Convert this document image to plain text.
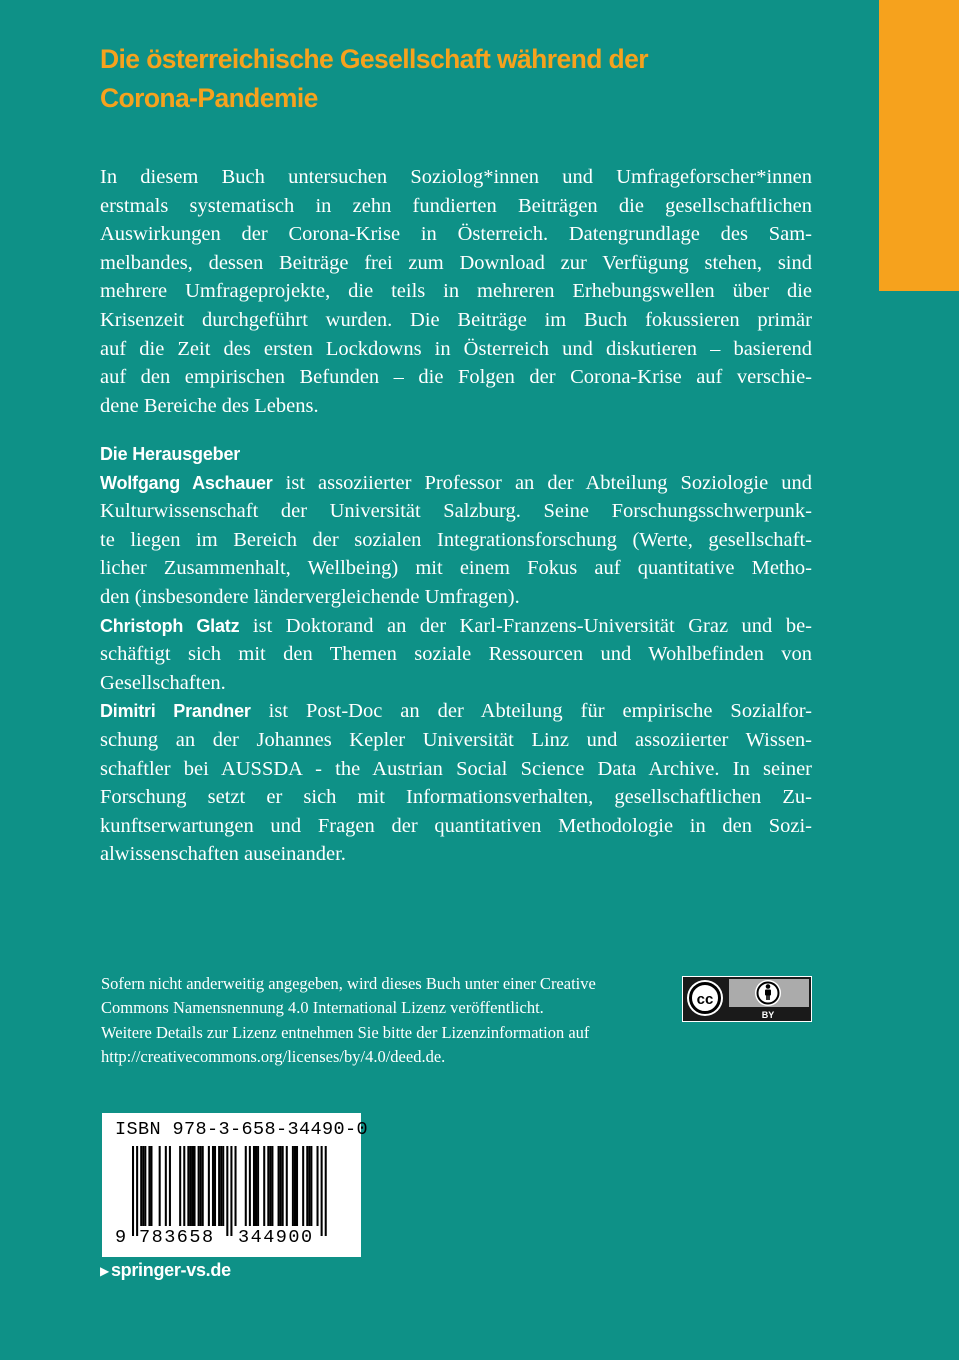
Die österreichische Gesellschaft während der
Corona-Pandemie
In diesem Buch untersuchen Soziolog*innen und Umfrageforscher*innen
erstmals systematisch in zehn fundierten Beiträgen die gesellschaftlichen
Auswirkungen der Corona-Krise in Österreich. Datengrundlage des Sam-
melbandes, dessen Beiträge frei zum Download zur Verfügung stehen, sind
mehrere Umfrageprojekte, die teils in mehreren Erhebungswellen über die
Krisenzeit durchgeführt wurden. Die Beiträge im Buch fokussieren primär
auf die Zeit des ersten Lockdowns in Österreich und diskutieren – basierend
auf den empirischen Befunden – die Folgen der Corona-Krise auf verschie-
dene Bereiche des Lebens.
Die Herausgeber
Wolfgang Aschauer ist assoziierter Professor an der Abteilung Soziologie und
Kulturwissenschaft der Universität Salzburg. Seine Forschungsschwerpunk-
te liegen im Bereich der sozialen Integrationsforschung (Werte, gesellschaft-
licher Zusammenhalt, Wellbeing) mit einem Fokus auf quantitative Metho-
den (insbesondere ländervergleichende Umfragen).
Christoph Glatz ist Doktorand an der Karl-Franzens-Universität Graz und be-
schäftigt sich mit den Themen soziale Ressourcen und Wohlbefinden von
Gesellschaften.
Dimitri Prandner ist Post-Doc an der Abteilung für empirische Sozialfor-
schung an der Johannes Kepler Universität Linz und assoziierter Wissen-
schaftler bei AUSSDA - the Austrian Social Science Data Archive. In seiner
Forschung setzt er sich mit Informationsverhalten, gesellschaftlichen Zu-
kunftserwartungen und Fragen der quantitativen Methodologie in den Sozi-
alwissenschaften auseinander.

Sofern nicht anderweitig angegeben, wird dieses Buch unter einer Creative
Commons Namensnennung 4.0 International Lizenz veröffentlicht.
Weitere Details zur Lizenz entnehmen Sie bitte der Lizenzinformation auf
http://creativecommons.org/licenses/by/4.0/deed.de.

cc
BY
ISBN 978-3-658-34490-0
9 783658 344900

▶ springer-vs.de
